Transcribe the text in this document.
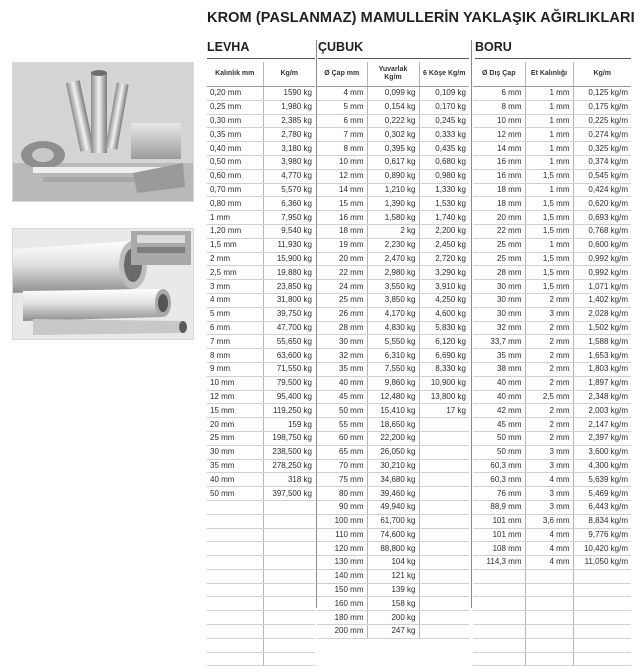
KROM (PASLANMAZ) MAMULLERİN YAKLAŞIK AĞIRLIKLARI
LEVHA	ÇUBUK	BORU
Kalınlık mm	Kg/m
0,20 mm	1590 kg
0,25 mm	1,980 kg
0,30 mm	2,385 kg
0,35 mm	2,780 kg
0,40 mm	3,180 kg
0,50 mm	3,980 kg
0,60 mm	4,770 kg
0,70 mm	5,570 kg
0,80 mm	6,360 kg
1 mm	7,950 kg
1,20 mm	9,540 kg
1,5 mm	11,930 kg
2 mm	15,900 kg
2,5 mm	19,880 kg
3 mm	23,850 kg
4 mm	31,800 kg
5 mm	39,750 kg
6 mm	47,700 kg
7 mm	55,650 kg
8 mm	63,600 kg
9 mm	71,550 kg
10 mm	79,500 kg
12 mm	95,400 kg
15 mm	119,250 kg
20 mm	159 kg
25 mm	198,750 kg
30 mm	238,500 kg
35 mm	278,250 kg
40 mm	318 kg
50 mm	397,500 kg

Ø Çap mm	Yuvarlak Kg/m	6 Köşe Kg/m
4 mm	0,099 kg	0,109 kg
5 mm	0,154 kg	0,170 kg
6 mm	0,222 kg	0,245 kg
7 mm	0,302 kg	0,333 kg
8 mm	0,395 kg	0,435 kg
10 mm	0,617 kg	0,680 kg
12 mm	0,890 kg	0,980 kg
14 mm	1,210 kg	1,330 kg
15 mm	1,390 kg	1,530 kg
16 mm	1,580 kg	1,740 kg
18 mm	2 kg	2,200 kg
19 mm	2,230 kg	2,450 kg
20 mm	2,470 kg	2,720 kg
22 mm	2,980 kg	3,290 kg
24 mm	3,550 kg	3,910 kg
25 mm	3,850 kg	4,250 kg
26 mm	4,170 kg	4,600 kg
28 mm	4,830 kg	5,830 kg
30 mm	5,550 kg	6,120 kg
32 mm	6,310 kg	6,690 kg
35 mm	7,550 kg	8,330 kg
40 mm	9,860 kg	10,900 kg
45 mm	12,480 kg	13,800 kg
50 mm	15,410 kg	17 kg
55 mm	18,650 kg	
60 mm	22,200 kg	
65 mm	26,050 kg	
70 mm	30,210 kg	
75 mm	34,680 kg	
80 mm	39,460 kg	
90 mm	49,940 kg	
100 mm	61,700 kg	
110 mm	74,600 kg	
120 mm	88,800 kg	
130 mm	104 kg	
140 mm	121 kg	
150 mm	139 kg	
160 mm	158 kg	
180 mm	200 kg	
200 mm	247 kg	
Ø Dış Çap	Et Kalınlığı	Kg/m
6 mm	1 mm	0,125 kg/m
8 mm	1 mm	0,175 kg/m
10 mm	1 mm	0,225 kg/m
12 mm	1 mm	0,274 kg/m
14 mm	1 mm	0,325 kg/m
16 mm	1 mm	0,374 kg/m
16 mm	1,5 mm	0,545 kg/m
18 mm	1 mm	0,424 kg/m
18 mm	1,5 mm	0,620 kg/m
20 mm	1,5 mm	0,693 kg/m
22 mm	1,5 mm	0,768 kg/m
25 mm	1 mm	0,600 kg/m
25 mm	1,5 mm	0,992 kg/m
28 mm	1,5 mm	0,992 kg/m
30 mm	1,5 mm	1,071 kg/m
30 mm	2 mm	1,402 kg/m
30 mm	3 mm	2,028 kg/m
32 mm	2 mm	1,502 kg/m
33,7 mm	2 mm	1,588 kg/m
35 mm	2 mm	1,653 kg/m
38 mm	2 mm	1,803 kg/m
40 mm	2 mm	1,897 kg/m
40 mm	2,5 mm	2,348 kg/m
42 mm	2 mm	2,003 kg/m
45 mm	2 mm	2,147 kg/m
50 mm	2 mm	2,397 kg/m
50 mm	3 mm	3,600 kg/m
60,3 mm	3 mm	4,300 kg/m
60,3 mm	4 mm	5,639 kg/m
76 mm	3 mm	5,469 kg/m
88,9 mm	3 mm	6,443 kg/m
101 mm	3,6 mm	8,834 kg/m
101 mm	4 mm	9,776 kg/m
108 mm	4 mm	10,420 kg/m
114,3 mm	4 mm	11,050 kg/m
